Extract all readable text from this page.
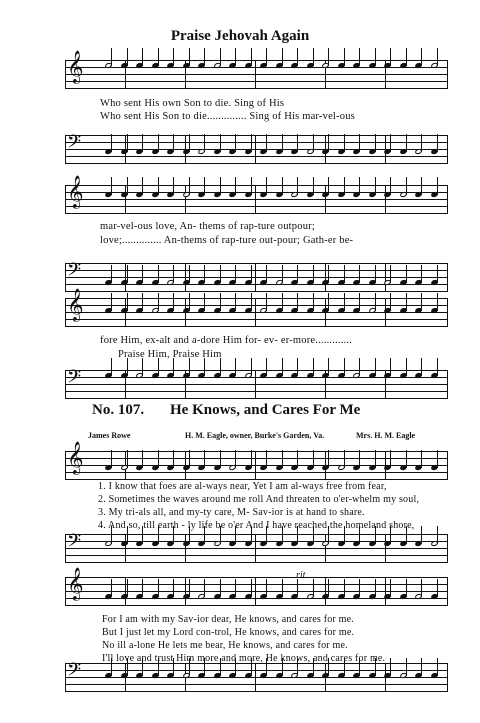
Praise Jehovah Again
𝄞
𝄢
𝄞
𝄢
𝄞
𝄢
𝄞
𝄢
𝄞
𝄢
Who sent His own Son to die. Sing of His
Who sent His Son to die.............. Sing of His mar-vel-ous
mar-vel-ous love, An- thems of rap-ture outpour;
love;.............. An-thems of rap-ture out-pour; Gath-er be-
fore Him, ex-alt and a-dore Him for- ev- er-more.............
Praise Him, Praise Him
No. 107. He Knows, and Cares For Me
James Rowe	H. M. Eagle, owner, Burke's Garden, Va.	Mrs. H. M. Eagle
1. I know that foes are al-ways near, Yet I am al-ways free from fear,
2. Sometimes the waves around me roll And threaten to o'er-whelm my soul,
3. My tri-als all, and my-ty care, M- Sav-ior is at hand to share.
4. And so, till earth - ly life be o'er And I have reached the homeland shore,
rit.
For I am with my Sav-ior dear, He knows, and cares for me.
But I just let my Lord con-trol, He knows, and cares for me.
No ill a-lone He lets me bear, He knows, and cares for me.
I'll love and trust Him more and more, He knows, and cares for me.
